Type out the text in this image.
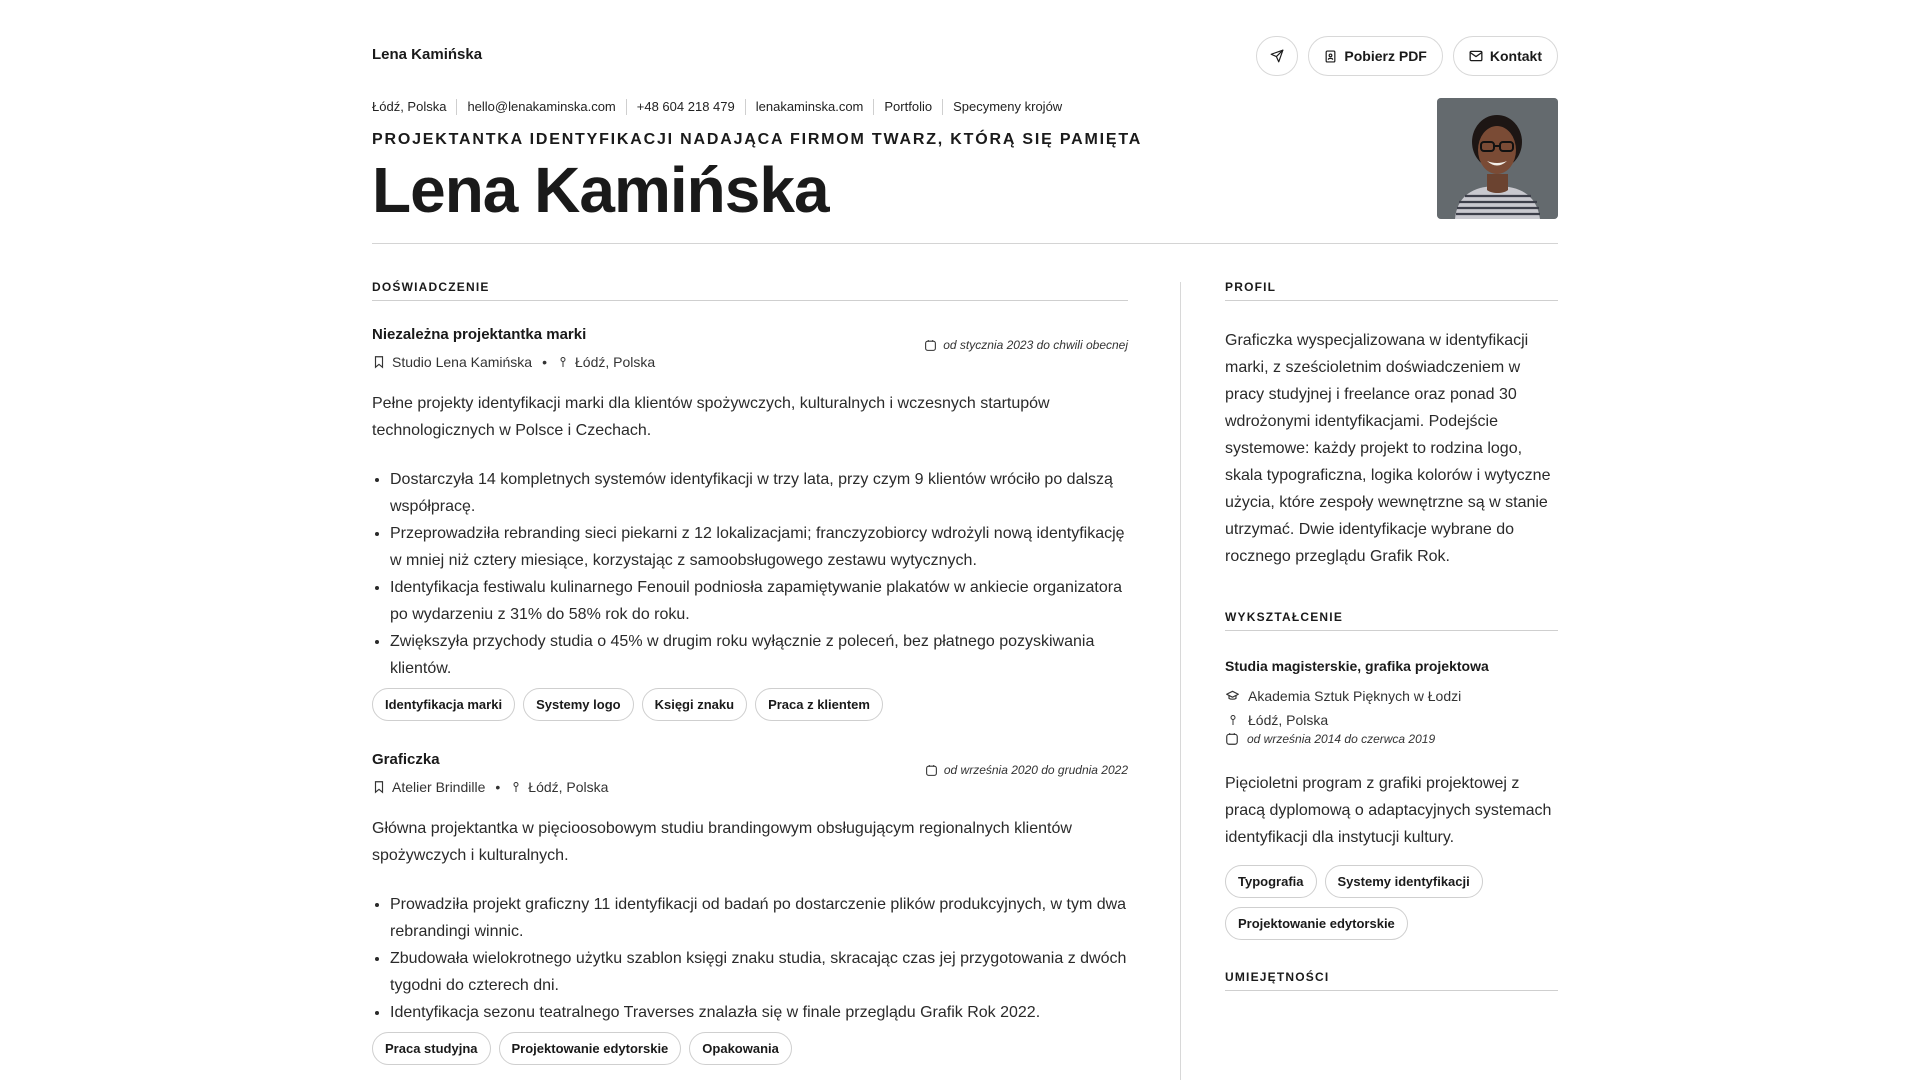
Lena Kamińska	Pobierz PDF	Kontakt
Łódź, Polska	hello@lenakaminska.com	+48 604 218 479	lenakaminska.com	Portfolio	Specymeny krojów
PROJEKTANTKA IDENTYFIKACJI NADAJĄCA FIRMOM TWARZ, KTÓRĄ SIĘ PAMIĘTA
Lena Kamińska
DOŚWIADCZENIE
Niezależna projektantka marki
od stycznia 2023 do chwili obecnej
Studio Lena Kamińska • Łódź, Polska
Pełne projekty identyfikacji marki dla klientów spożywczych, kulturalnych i wczesnych startupów technologicznych w Polsce i Czechach.
• Dostarczyła 14 kompletnych systemów identyfikacji w trzy lata, przy czym 9 klientów wróciło po dalszą współpracę.
• Przeprowadziła rebranding sieci piekarni z 12 lokalizacjami; franczyzobiorcy wdrożyli nową identyfikację w mniej niż cztery miesiące, korzystając z samoobsługowego zestawu wytycznych.
• Identyfikacja festiwalu kulinarnego Fenouil podniosła zapamiętywanie plakatów w ankiecie organizatora po wydarzeniu z 31% do 58% rok do roku.
• Zwiększyła przychody studia o 45% w drugim roku wyłącznie z poleceń, bez płatnego pozyskiwania klientów.
Identyfikacja marki	Systemy logo	Księgi znaku	Praca z klientem
Graficzka
od września 2020 do grudnia 2022
Atelier Brindille • Łódź, Polska
Główna projektantka w pięcioosobowym studiu brandingowym obsługującym regionalnych klientów spożywczych i kulturalnych.
• Prowadziła projekt graficzny 11 identyfikacji od badań po dostarczenie plików produkcyjnych, w tym dwa rebrandingi winnic.
• Zbudowała wielokrotnego użytku szablon księgi znaku studia, skracając czas jej przygotowania z dwóch tygodni do czterech dni.
• Identyfikacja sezonu teatralnego Traverses znalazła się w finale przeglądu Grafik Rok 2022.
Praca studyjna	Projektowanie edytorskie	Opakowania
PROFIL
Graficzka wyspecjalizowana w identyfikacji marki, z sześcioletnim doświadczeniem w pracy studyjnej i freelance oraz ponad 30 wdrożonymi identyfikacjami. Podejście systemowe: każdy projekt to rodzina logo, skala typograficzna, logika kolorów i wytyczne użycia, które zespoły wewnętrzne są w stanie utrzymać. Dwie identyfikacje wybrane do rocznego przeglądu Grafik Rok.
WYKSZTAŁCENIE
Studia magisterskie, grafika projektowa
Akademia Sztuk Pięknych w Łodzi
Łódź, Polska
od września 2014 do czerwca 2019
Pięcioletni program z grafiki projektowej z pracą dyplomową o adaptacyjnych systemach identyfikacji dla instytucji kultury.
Typografia	Systemy identyfikacji
Projektowanie edytorskie
UMIEJĘTNOŚCI
